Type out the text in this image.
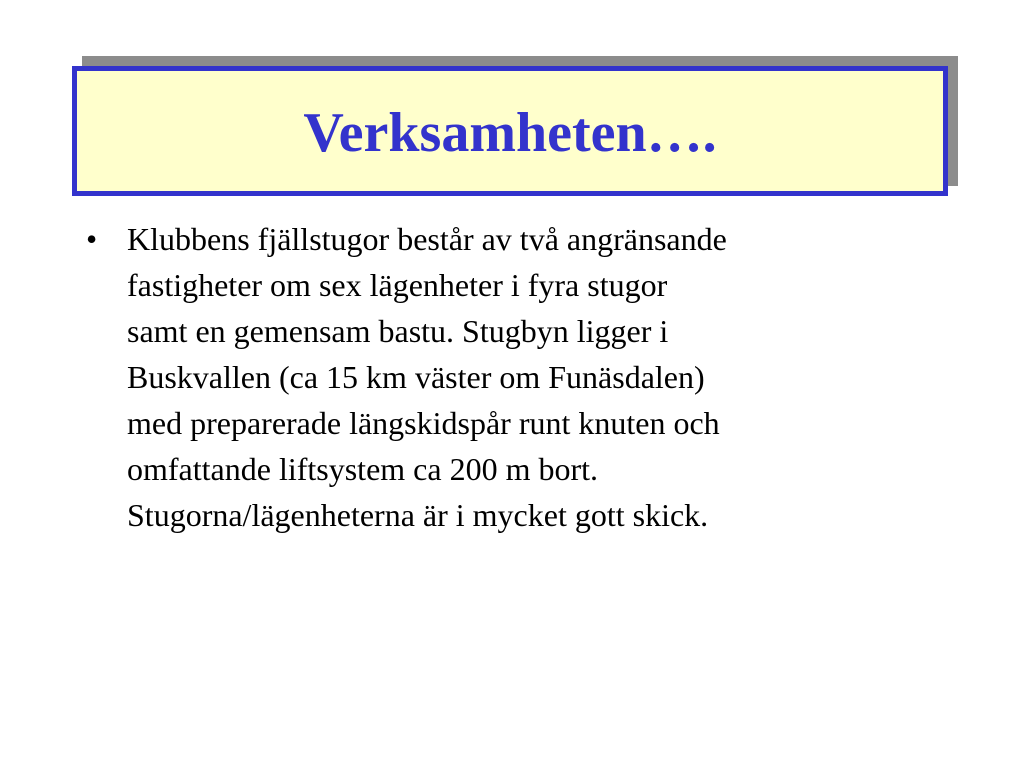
Verksamheten….
• Klubbens fjällstugor består av två angränsande
fastigheter om sex lägenheter i fyra stugor
samt en gemensam bastu. Stugbyn ligger i
Buskvallen (ca 15 km väster om Funäsdalen)
med preparerade längskidspår runt knuten och
omfattande liftsystem ca 200 m bort.
Stugorna/lägenheterna är i mycket gott skick.
